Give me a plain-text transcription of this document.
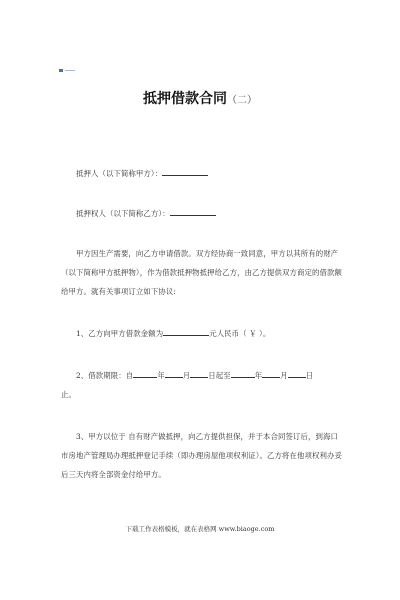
抵押借款合同（二）
抵押人（以下简称甲方）：
抵押权人（以下简称乙方）：
甲方因生产需要，向乙方申请借款。双方经协商一致同意，甲方以其所有的财产 （以下简称甲方抵押物），作为借款抵押物抵押给乙方，由乙方提供双方商定的借款额给甲方。就有关事项订立如下协议:
1、乙方向甲方借款金额为	元人民币（ ￥ ）。
2、借款期限：自	年 月 日起至	年 月 日
止。
3、甲方以位于 自有财产做抵押，向乙方提供担保，并于本合同签订后，到海口市房地产管理局办理抵押登记手续（即办理房屋他项权利证）。乙方将在他项权利办妥后三天内将全部资金付给甲方。
下载工作表格模板，就在表格网 www.biaoge.com
